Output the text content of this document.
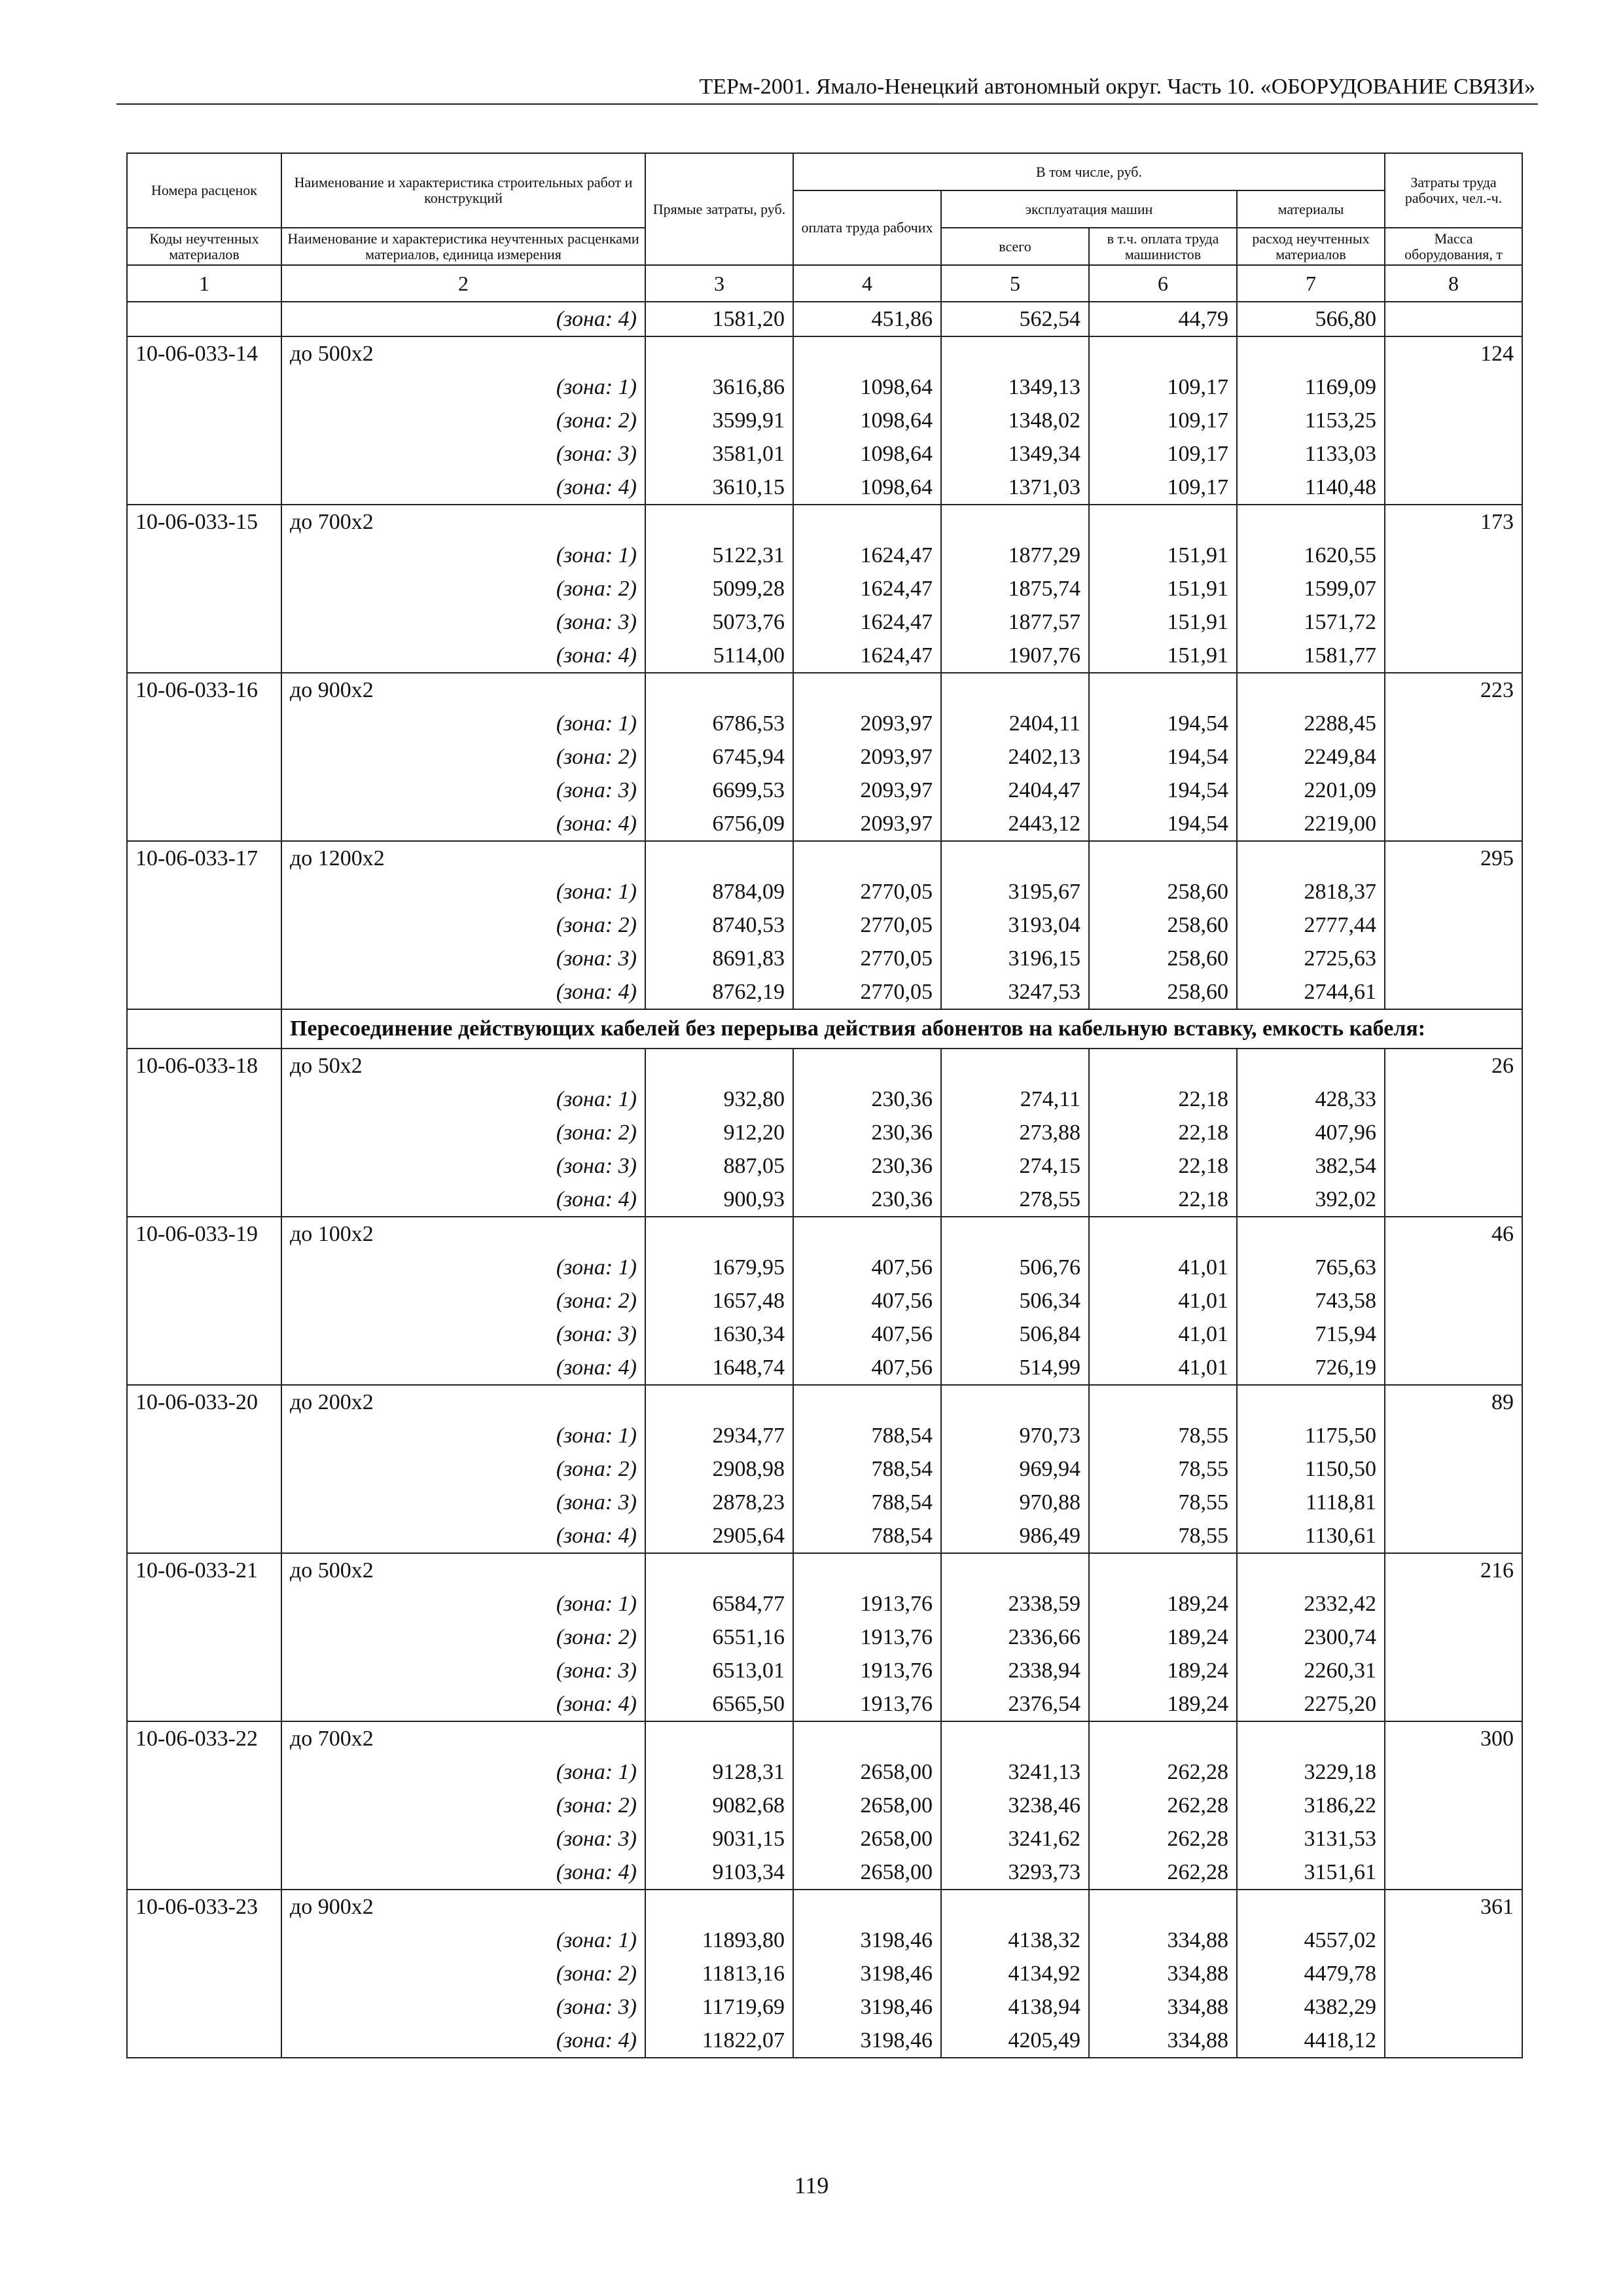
ТЕРм-2001. Ямало-Ненецкий автономный округ. Часть 10. «ОБОРУДОВАНИЕ СВЯЗИ»
Номера расценок	Наименование и характеристика строительных работ и конструкций	Прямые затраты, руб.	В том числе, руб.				Затраты труда рабочих, чел.-ч.
			оплата труда рабочих	эксплуатация машин		материалы	
Коды неучтенных материалов	Наименование и характеристика неучтенных расценками материалов, единица измерения			всего	в т.ч. оплата труда машинистов	расход неучтенных материалов	Масса оборудования, т
1	2	3	4	5	6	7	8
	(зона: 4)	1581,20	451,86	562,54	44,79	566,80	
10-06-033-14	до 500х2						124
	(зона: 1)	3616,86	1098,64	1349,13	109,17	1169,09	
	(зона: 2)	3599,91	1098,64	1348,02	109,17	1153,25	
	(зона: 3)	3581,01	1098,64	1349,34	109,17	1133,03	
	(зона: 4)	3610,15	1098,64	1371,03	109,17	1140,48	
10-06-033-15	до 700х2						173
	(зона: 1)	5122,31	1624,47	1877,29	151,91	1620,55	
	(зона: 2)	5099,28	1624,47	1875,74	151,91	1599,07	
	(зона: 3)	5073,76	1624,47	1877,57	151,91	1571,72	
	(зона: 4)	5114,00	1624,47	1907,76	151,91	1581,77	
10-06-033-16	до 900х2						223
	(зона: 1)	6786,53	2093,97	2404,11	194,54	2288,45	
	(зона: 2)	6745,94	2093,97	2402,13	194,54	2249,84	
	(зона: 3)	6699,53	2093,97	2404,47	194,54	2201,09	
	(зона: 4)	6756,09	2093,97	2443,12	194,54	2219,00	
10-06-033-17	до 1200х2						295
	(зона: 1)	8784,09	2770,05	3195,67	258,60	2818,37	
	(зона: 2)	8740,53	2770,05	3193,04	258,60	2777,44	
	(зона: 3)	8691,83	2770,05	3196,15	258,60	2725,63	
	(зона: 4)	8762,19	2770,05	3247,53	258,60	2744,61	
	Пересоединение действующих кабелей без перерыва действия абонентов на кабельную вставку, емкость кабеля:						
10-06-033-18	до 50х2						26
	(зона: 1)	932,80	230,36	274,11	22,18	428,33	
	(зона: 2)	912,20	230,36	273,88	22,18	407,96	
	(зона: 3)	887,05	230,36	274,15	22,18	382,54	
	(зона: 4)	900,93	230,36	278,55	22,18	392,02	
10-06-033-19	до 100х2						46
	(зона: 1)	1679,95	407,56	506,76	41,01	765,63	
	(зона: 2)	1657,48	407,56	506,34	41,01	743,58	
	(зона: 3)	1630,34	407,56	506,84	41,01	715,94	
	(зона: 4)	1648,74	407,56	514,99	41,01	726,19	
10-06-033-20	до 200х2						89
	(зона: 1)	2934,77	788,54	970,73	78,55	1175,50	
	(зона: 2)	2908,98	788,54	969,94	78,55	1150,50	
	(зона: 3)	2878,23	788,54	970,88	78,55	1118,81	
	(зона: 4)	2905,64	788,54	986,49	78,55	1130,61	
10-06-033-21	до 500х2						216
	(зона: 1)	6584,77	1913,76	2338,59	189,24	2332,42	
	(зона: 2)	6551,16	1913,76	2336,66	189,24	2300,74	
	(зона: 3)	6513,01	1913,76	2338,94	189,24	2260,31	
	(зона: 4)	6565,50	1913,76	2376,54	189,24	2275,20	
10-06-033-22	до 700х2						300
	(зона: 1)	9128,31	2658,00	3241,13	262,28	3229,18	
	(зона: 2)	9082,68	2658,00	3238,46	262,28	3186,22	
	(зона: 3)	9031,15	2658,00	3241,62	262,28	3131,53	
	(зона: 4)	9103,34	2658,00	3293,73	262,28	3151,61	
10-06-033-23	до 900х2						361
	(зона: 1)	11893,80	3198,46	4138,32	334,88	4557,02	
	(зона: 2)	11813,16	3198,46	4134,92	334,88	4479,78	
	(зона: 3)	11719,69	3198,46	4138,94	334,88	4382,29	
	(зона: 4)	11822,07	3198,46	4205,49	334,88	4418,12	
119
